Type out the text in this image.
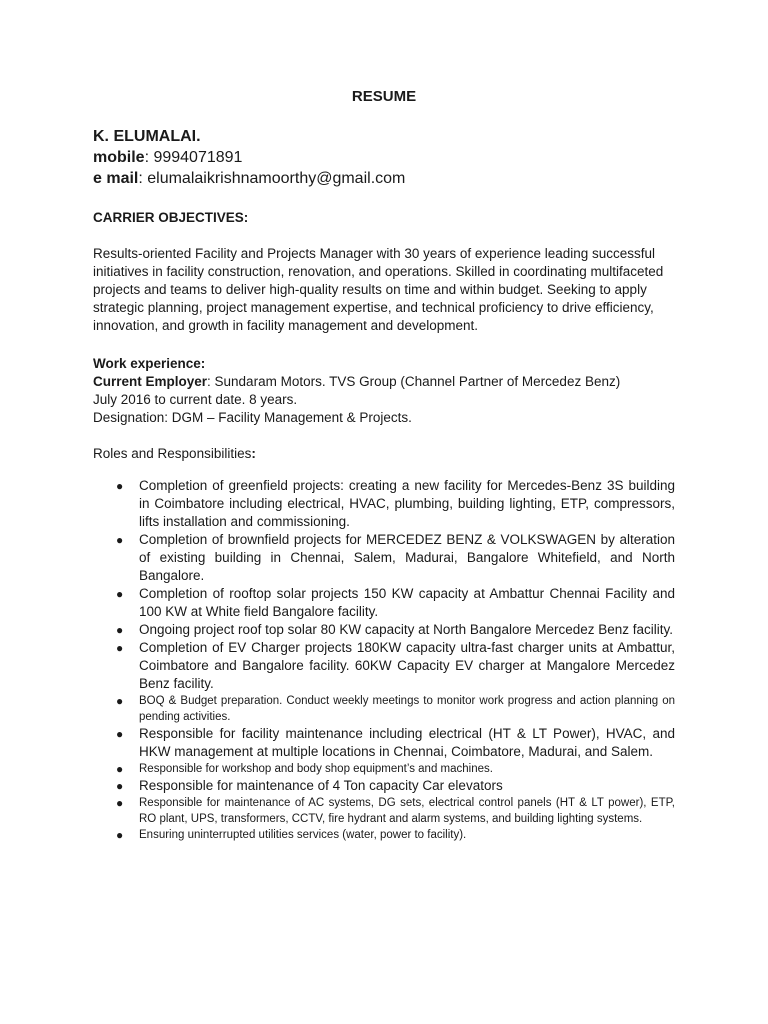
RESUME
K. ELUMALAI.
mobile: 9994071891
e mail: elumalaikrishnamoorthy@gmail.com
CARRIER OBJECTIVES:
Results-oriented Facility and Projects Manager with 30 years of experience leading successful initiatives in facility construction, renovation, and operations. Skilled in coordinating multifaceted projects and teams to deliver high-quality results on time and within budget. Seeking to apply strategic planning, project management expertise, and technical proficiency to drive efficiency, innovation, and growth in facility management and development.
Work experience:
Current Employer: Sundaram Motors. TVS Group (Channel Partner of Mercedez Benz)
July 2016 to current date. 8 years.
Designation: DGM – Facility Management & Projects.
Roles and Responsibilities:
● Completion of greenfield projects: creating a new facility for Mercedes-Benz 3S building in Coimbatore including electrical, HVAC, plumbing, building lighting, ETP, compressors, lifts installation and commissioning.
● Completion of brownfield projects for MERCEDEZ BENZ & VOLKSWAGEN by alteration of existing building in Chennai, Salem, Madurai, Bangalore Whitefield, and North Bangalore.
● Completion of rooftop solar projects 150 KW capacity at Ambattur Chennai Facility and 100 KW at White field Bangalore facility.
● Ongoing project roof top solar 80 KW capacity at North Bangalore Mercedez Benz facility.
● Completion of EV Charger projects 180KW capacity ultra-fast charger units at Ambattur, Coimbatore and Bangalore facility. 60KW Capacity EV charger at Mangalore Mercedez Benz facility.
● BOQ & Budget preparation. Conduct weekly meetings to monitor work progress and action planning on pending activities.
● Responsible for facility maintenance including electrical (HT & LT Power), HVAC, and HKW management at multiple locations in Chennai, Coimbatore, Madurai, and Salem.
● Responsible for workshop and body shop equipment’s and machines.
● Responsible for maintenance of 4 Ton capacity Car elevators
● Responsible for maintenance of AC systems, DG sets, electrical control panels (HT & LT power), ETP, RO plant, UPS, transformers, CCTV, fire hydrant and alarm systems, and building lighting systems.
● Ensuring uninterrupted utilities services (water, power to facility).
